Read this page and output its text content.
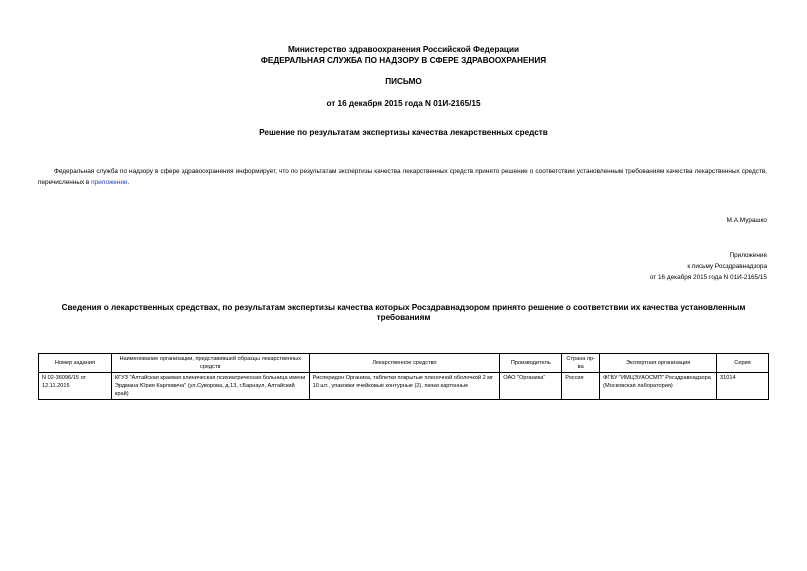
Министерство здравоохранения Российской Федерации
ФЕДЕРАЛЬНАЯ СЛУЖБА ПО НАДЗОРУ В СФЕРЕ ЗДРАВООХРАНЕНИЯ
ПИСЬМО
от 16 декабря 2015 года N 01И-2165/15
Решение по результатам экспертизы качества лекарственных средств
Федеральная служба по надзору в сфере здравоохранения информирует, что по результатам экспертизы качества лекарственных средств принято решение о соответствии установленным требованиям качества лекарственных средств, перечисленных в приложении.
М.А.Мурашко
Приложение
к письму Росздравнадзора
от 16 декабря 2015 года N 01И-2165/15
Сведения о лекарственных средствах, по результатам экспертизы качества которых Росздравнадзором принято решение о соответствии их качества установленным требованиям
Номер задания	Наименование организации, представившей образцы лекарственных средств	Лекарственное средство	Производитель	Страна пр-ва	Экспертная организация	Серия
N 02-36096/15 от 12.11.2015	КГУЗ "Алтайская краевая клиническая психиатрическая больница имени Эрдмана Юрия Карловича" (ул.Суворова, д.13, г.Барнаул, Алтайский край)	Рисперидон Органика, таблетки покрытые пленочной оболочкой 2 мг 10 шт., упаковки ячейковые контурные (2), пачки картонные	ОАО "Органика"	Россия	ФГБУ "ИМЦЭУАОСМП" Росздравнадзора (Московская лаборатория)	31014
